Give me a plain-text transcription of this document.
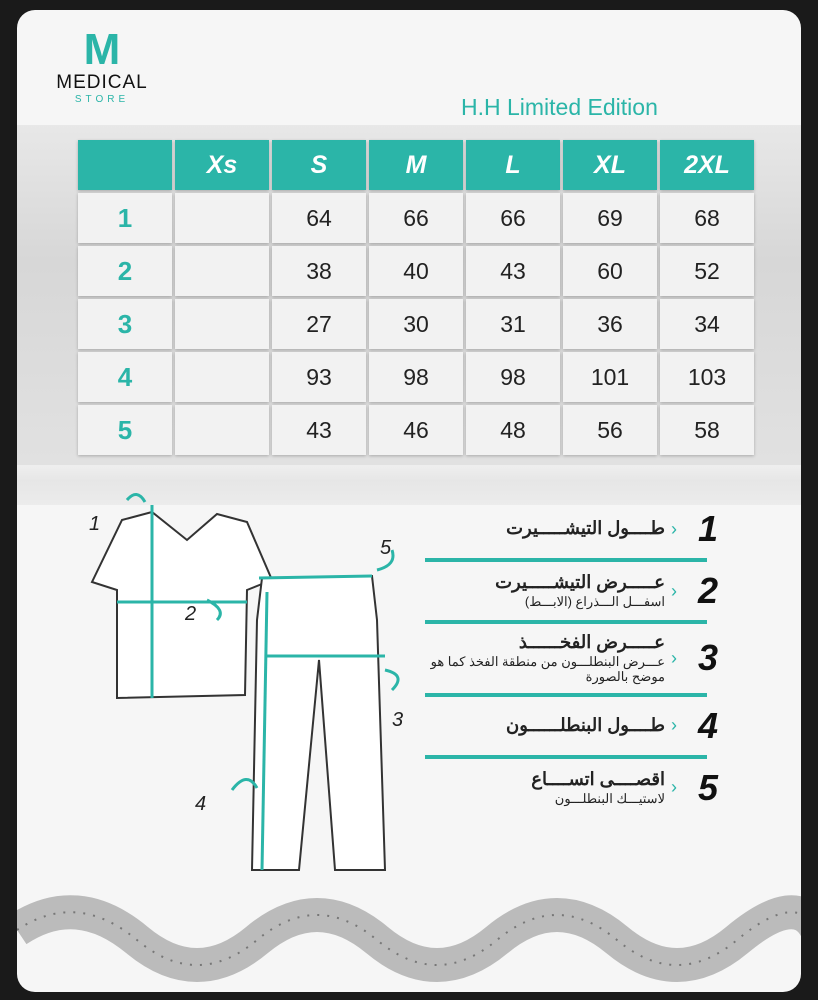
M
MEDICAL
STORE	H.H Limited Edition
	Xs	S	M	L	XL	2XL
1		64	66	66	69	68
2		38	40	43	60	52
3		27	30	31	36	34
4		93	98	98	101	103
5		43	46	48	56	58
1
2
3
4
5	1
›
طــــول التيشـــــيرت
2
›
عـــــرض التيشـــــيرت
اسفـــل الـــذراع (الابـــط)
3
›
عـــــرض الفخــــــذ
عـــرض البنطلـــون من منطقة الفخذ كما هو موضح بالصورة
4
›
طــــول البنطلــــــون
5
›
اقصــــى اتســــاع
لاستيـــك البنطلـــون
